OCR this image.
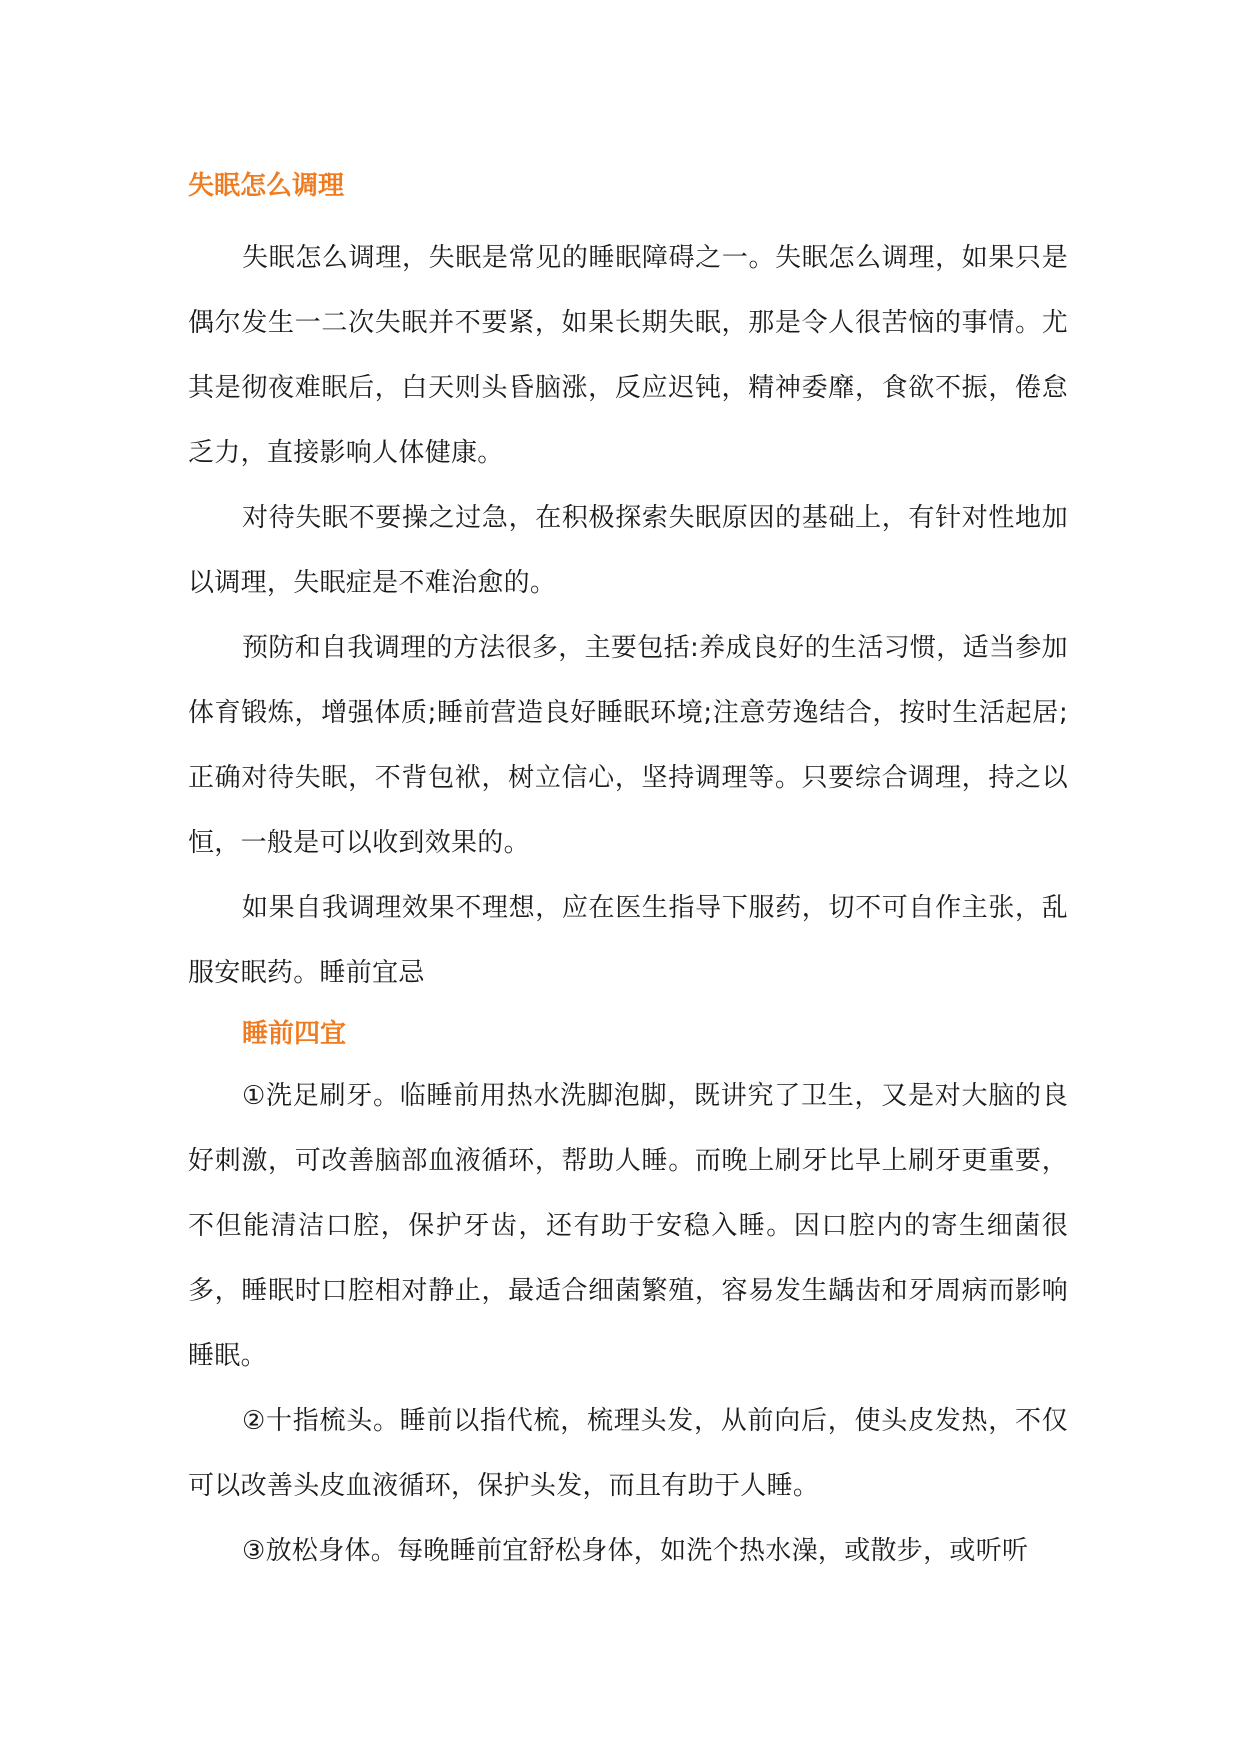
失眠怎么调理

失眠怎么调理，失眠是常见的睡眠障碍之一。失眠怎么调理，如果只是偶尔发生一二次失眠并不要紧，如果长期失眠，那是令人很苦恼的事情。尤其是彻夜难眠后，白天则头昏脑涨，反应迟钝，精神委靡，食欲不振，倦怠乏力，直接影响人体健康。

对待失眠不要操之过急，在积极探索失眠原因的基础上，有针对性地加以调理，失眠症是不难治愈的。

预防和自我调理的方法很多，主要包括:养成良好的生活习惯，适当参加体育锻炼，增强体质;睡前营造良好睡眠环境;注意劳逸结合，按时生活起居;正确对待失眠，不背包袱，树立信心，坚持调理等。只要综合调理，持之以恒，一般是可以收到效果的。

如果自我调理效果不理想，应在医生指导下服药，切不可自作主张，乱服安眠药。睡前宜忌

睡前四宜

①洗足刷牙。临睡前用热水洗脚泡脚，既讲究了卫生，又是对大脑的良好刺激，可改善脑部血液循环，帮助人睡。而晚上刷牙比早上刷牙更重要，不但能清洁口腔，保护牙齿，还有助于安稳入睡。因口腔内的寄生细菌很多，睡眠时口腔相对静止，最适合细菌繁殖，容易发生龋齿和牙周病而影响睡眠。

②十指梳头。睡前以指代梳，梳理头发，从前向后，使头皮发热，不仅可以改善头皮血液循环，保护头发，而且有助于人睡。

③放松身体。每晚睡前宜舒松身体，如洗个热水澡，或散步，或听听
